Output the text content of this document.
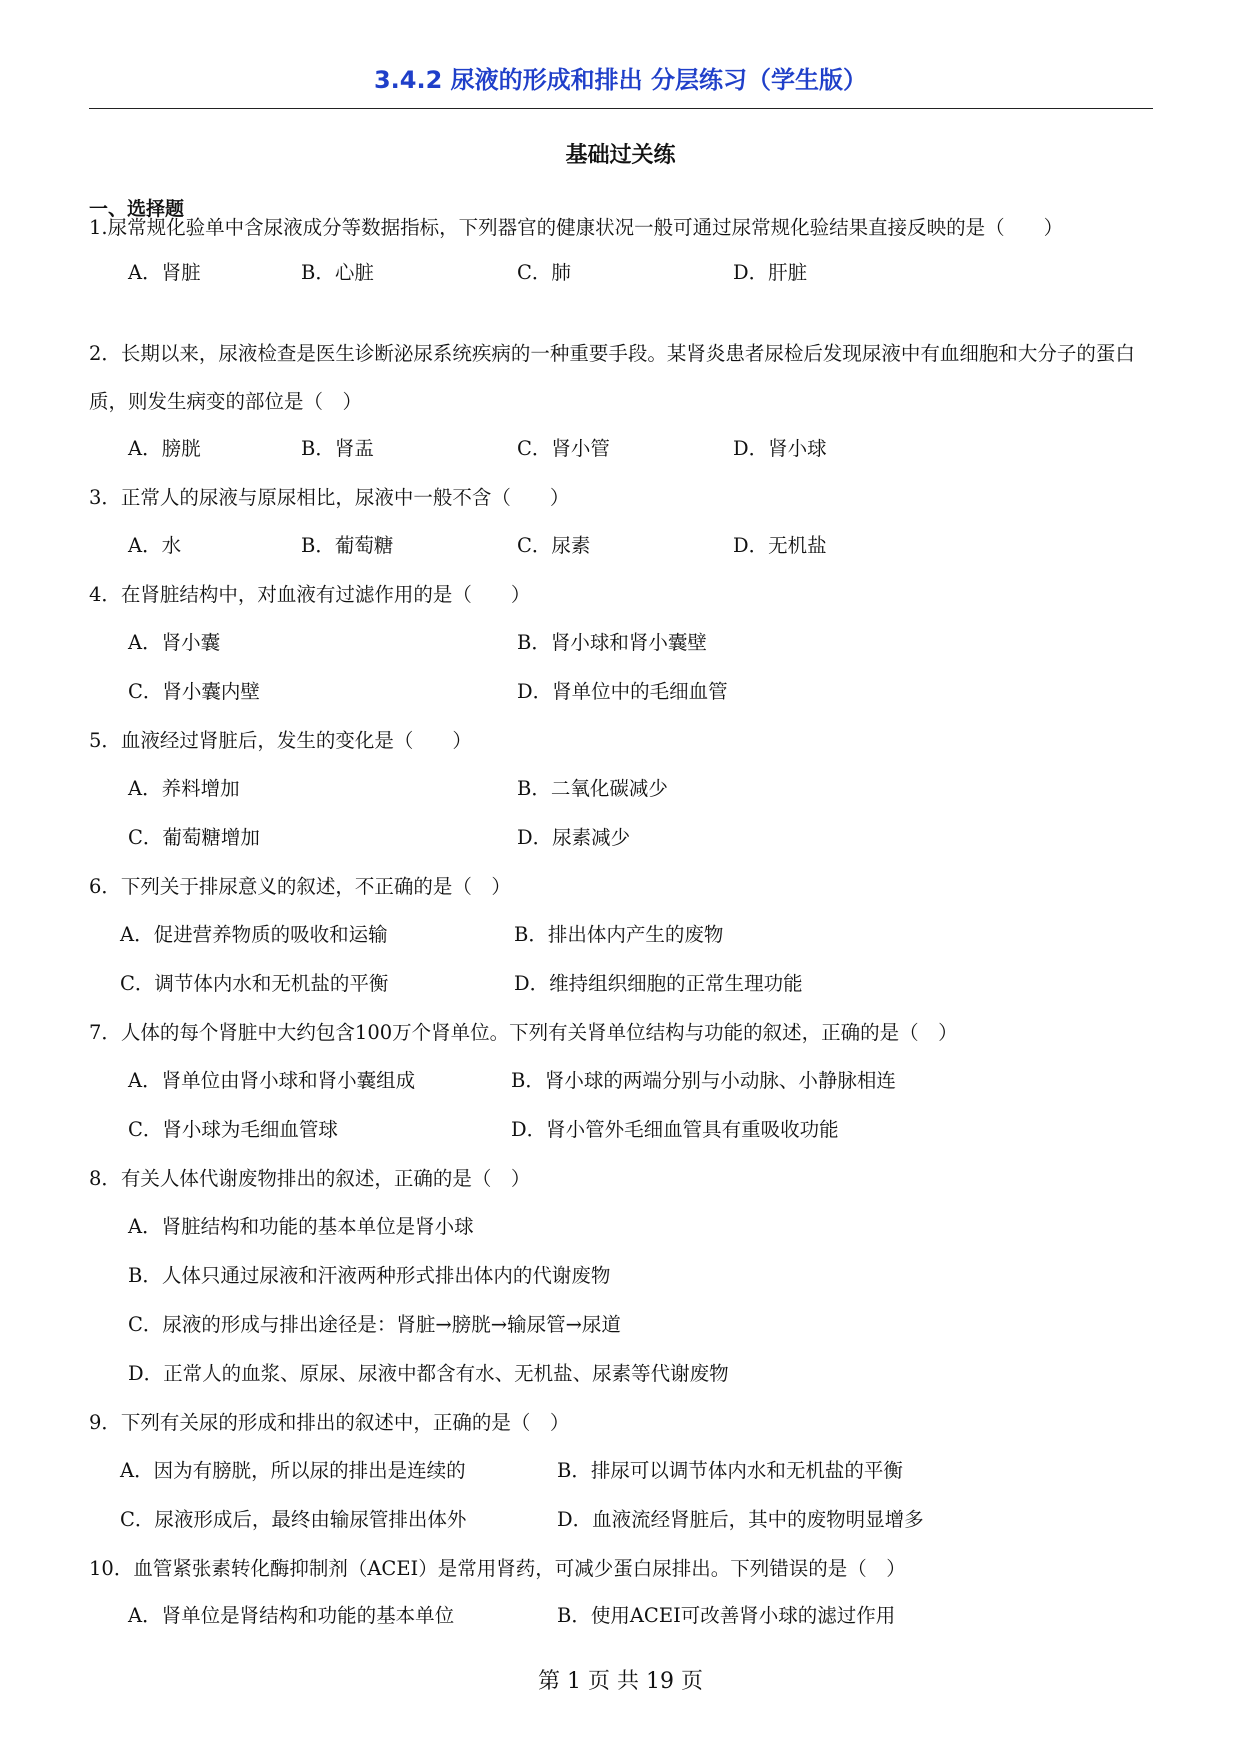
3.4.2 尿液的形成和排出 分层练习（学生版）
基础过关练
一、选择题
1.尿常规化验单中含尿液成分等数据指标，下列器官的健康状况一般可通过尿常规化验结果直接反映的是（　　）
A．肾脏	B．心脏	C．肺	D．肝脏
2．长期以来，尿液检查是医生诊断泌尿系统疾病的一种重要手段。某肾炎患者尿检后发现尿液中有血细胞和大分子的蛋白质，则发生病变的部位是（　）
A．膀胱	B．肾盂	C．肾小管	D．肾小球
3．正常人的尿液与原尿相比，尿液中一般不含（　　）
A．水	B．葡萄糖	C．尿素	D．无机盐
4．在肾脏结构中，对血液有过滤作用的是（　　）
A．肾小囊	B．肾小球和肾小囊壁
C．肾小囊内壁	D．肾单位中的毛细血管
5．血液经过肾脏后，发生的变化是（　　）
A．养料增加	B．二氧化碳减少
C．葡萄糖增加	D．尿素减少
6．下列关于排尿意义的叙述，不正确的是（　）
A．促进营养物质的吸收和运输	B．排出体内产生的废物
C．调节体内水和无机盐的平衡	D．维持组织细胞的正常生理功能
7．人体的每个肾脏中大约包含100万个肾单位。下列有关肾单位结构与功能的叙述，正确的是（　）
A．肾单位由肾小球和肾小囊组成	B．肾小球的两端分别与小动脉、小静脉相连
C．肾小球为毛细血管球	D．肾小管外毛细血管具有重吸收功能
8．有关人体代谢废物排出的叙述，正确的是（　）
A．肾脏结构和功能的基本单位是肾小球
B．人体只通过尿液和汗液两种形式排出体内的代谢废物
C．尿液的形成与排出途径是：肾脏→膀胱→输尿管→尿道
D．正常人的血浆、原尿、尿液中都含有水、无机盐、尿素等代谢废物
9．下列有关尿的形成和排出的叙述中，正确的是（　）
A．因为有膀胱，所以尿的排出是连续的	B．排尿可以调节体内水和无机盐的平衡
C．尿液形成后，最终由输尿管排出体外	D．血液流经肾脏后，其中的废物明显增多
10．血管紧张素转化酶抑制剂（ACEI）是常用肾药，可减少蛋白尿排出。下列错误的是（　）
A．肾单位是肾结构和功能的基本单位	B．使用ACEI可改善肾小球的滤过作用
第 1 页 共 19 页
